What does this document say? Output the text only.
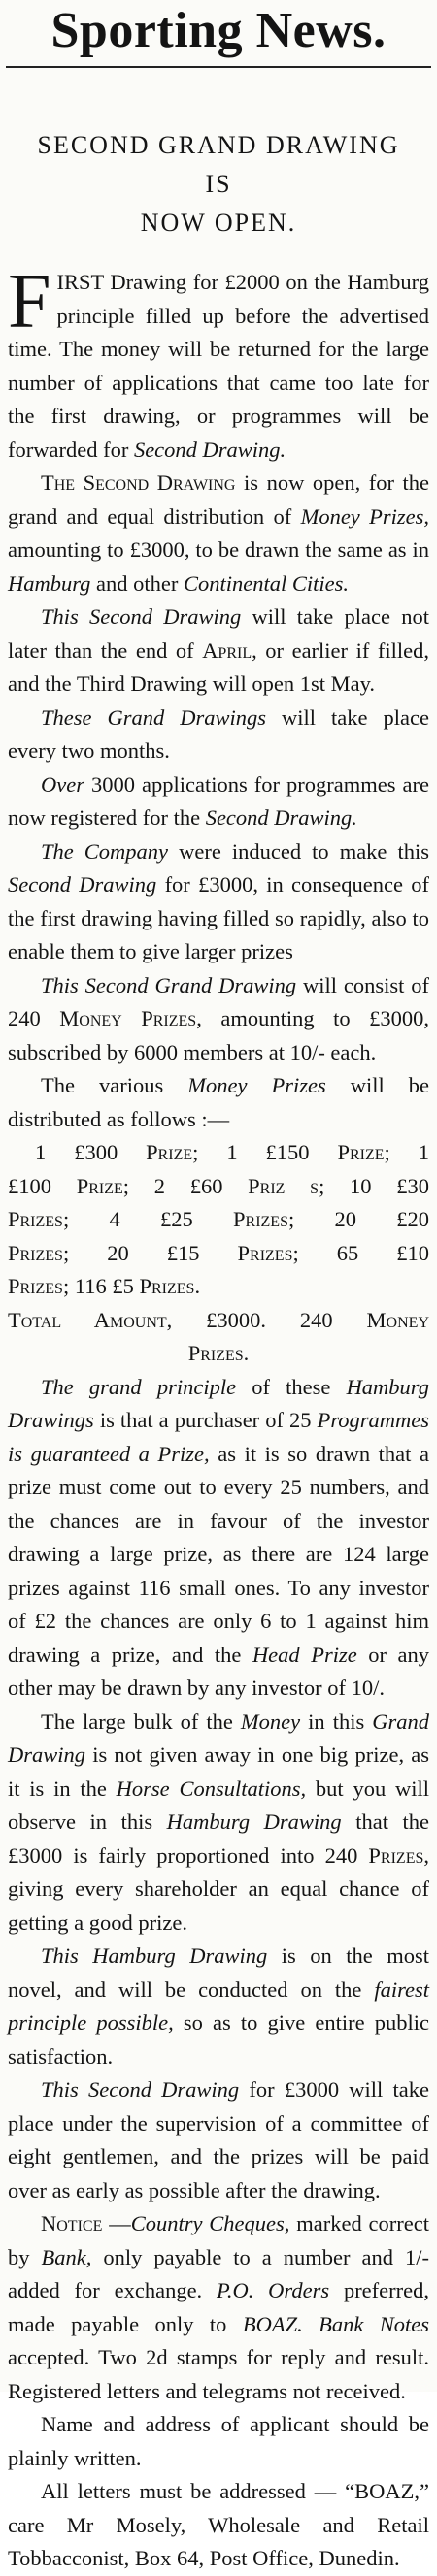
Sporting News.
SECOND GRAND DRAWING IS
NOW OPEN.

FIRST Drawing for £2000 on the Hamburg principle filled up before the advertised time. The money will be returned for the large number of applications that came too late for the first drawing, or programmes will be forwarded for Second Drawing.

The Second Drawing is now open, for the grand and equal distribution of Money Prizes, amounting to £3000, to be drawn the same as in Hamburg and other Continental Cities.

This Second Drawing will take place not later than the end of April, or earlier if filled, and the Third Drawing will open 1st May.

These Grand Drawings will take place every two months.

Over 3000 applications for programmes are now registered for the Second Drawing.

The Company were induced to make this Second Drawing for £3000, in consequence of the first drawing having filled so rapidly, also to enable them to give larger prizes

This Second Grand Drawing will consist of 240 Money Prizes, amounting to £3000, subscribed by 6000 members at 10/- each.

The various Money Prizes will be distributed as follows :—

1 £300 Prize; 1 £150 Prize; 1
£100 Prize; 2 £60 Priz s; 10 £30
Prizes; 4 £25 Prizes; 20 £20
Prizes; 20 £15 Prizes; 65 £10
Prizes; 116 £5 Prizes.
Total Amount, £3000. 240 Money
Prizes.

The grand principle of these Hamburg Drawings is that a purchaser of 25 Programmes is guaranteed a Prize, as it is so drawn that a prize must come out to every 25 numbers, and the chances are in favour of the investor drawing a large prize, as there are 124 large prizes against 116 small ones. To any investor of £2 the chances are only 6 to 1 against him drawing a prize, and the Head Prize or any other may be drawn by any investor of 10/.

The large bulk of the Money in this Grand Drawing is not given away in one big prize, as it is in the Horse Consultations, but you will observe in this Hamburg Drawing that the £3000 is fairly proportioned into 240 Prizes, giving every shareholder an equal chance of getting a good prize.

This Hamburg Drawing is on the most novel, and will be conducted on the fairest principle possible, so as to give entire public satisfaction.

This Second Drawing for £3000 will take place under the supervision of a committee of eight gentlemen, and the prizes will be paid over as early as possible after the drawing.

Notice —Country Cheques, marked correct by Bank, only payable to a number and 1/- added for exchange. P.O. Orders preferred, made payable only to BOAZ. Bank Notes accepted. Two 2d stamps for reply and result. Registered letters and telegrams not received.

Name and address of applicant should be plainly written.

All letters must be addressed — “BOAZ,” care Mr Mosely, Wholesale and Retail Tobbacconist, Box 64, Post Office, Dunedin.
